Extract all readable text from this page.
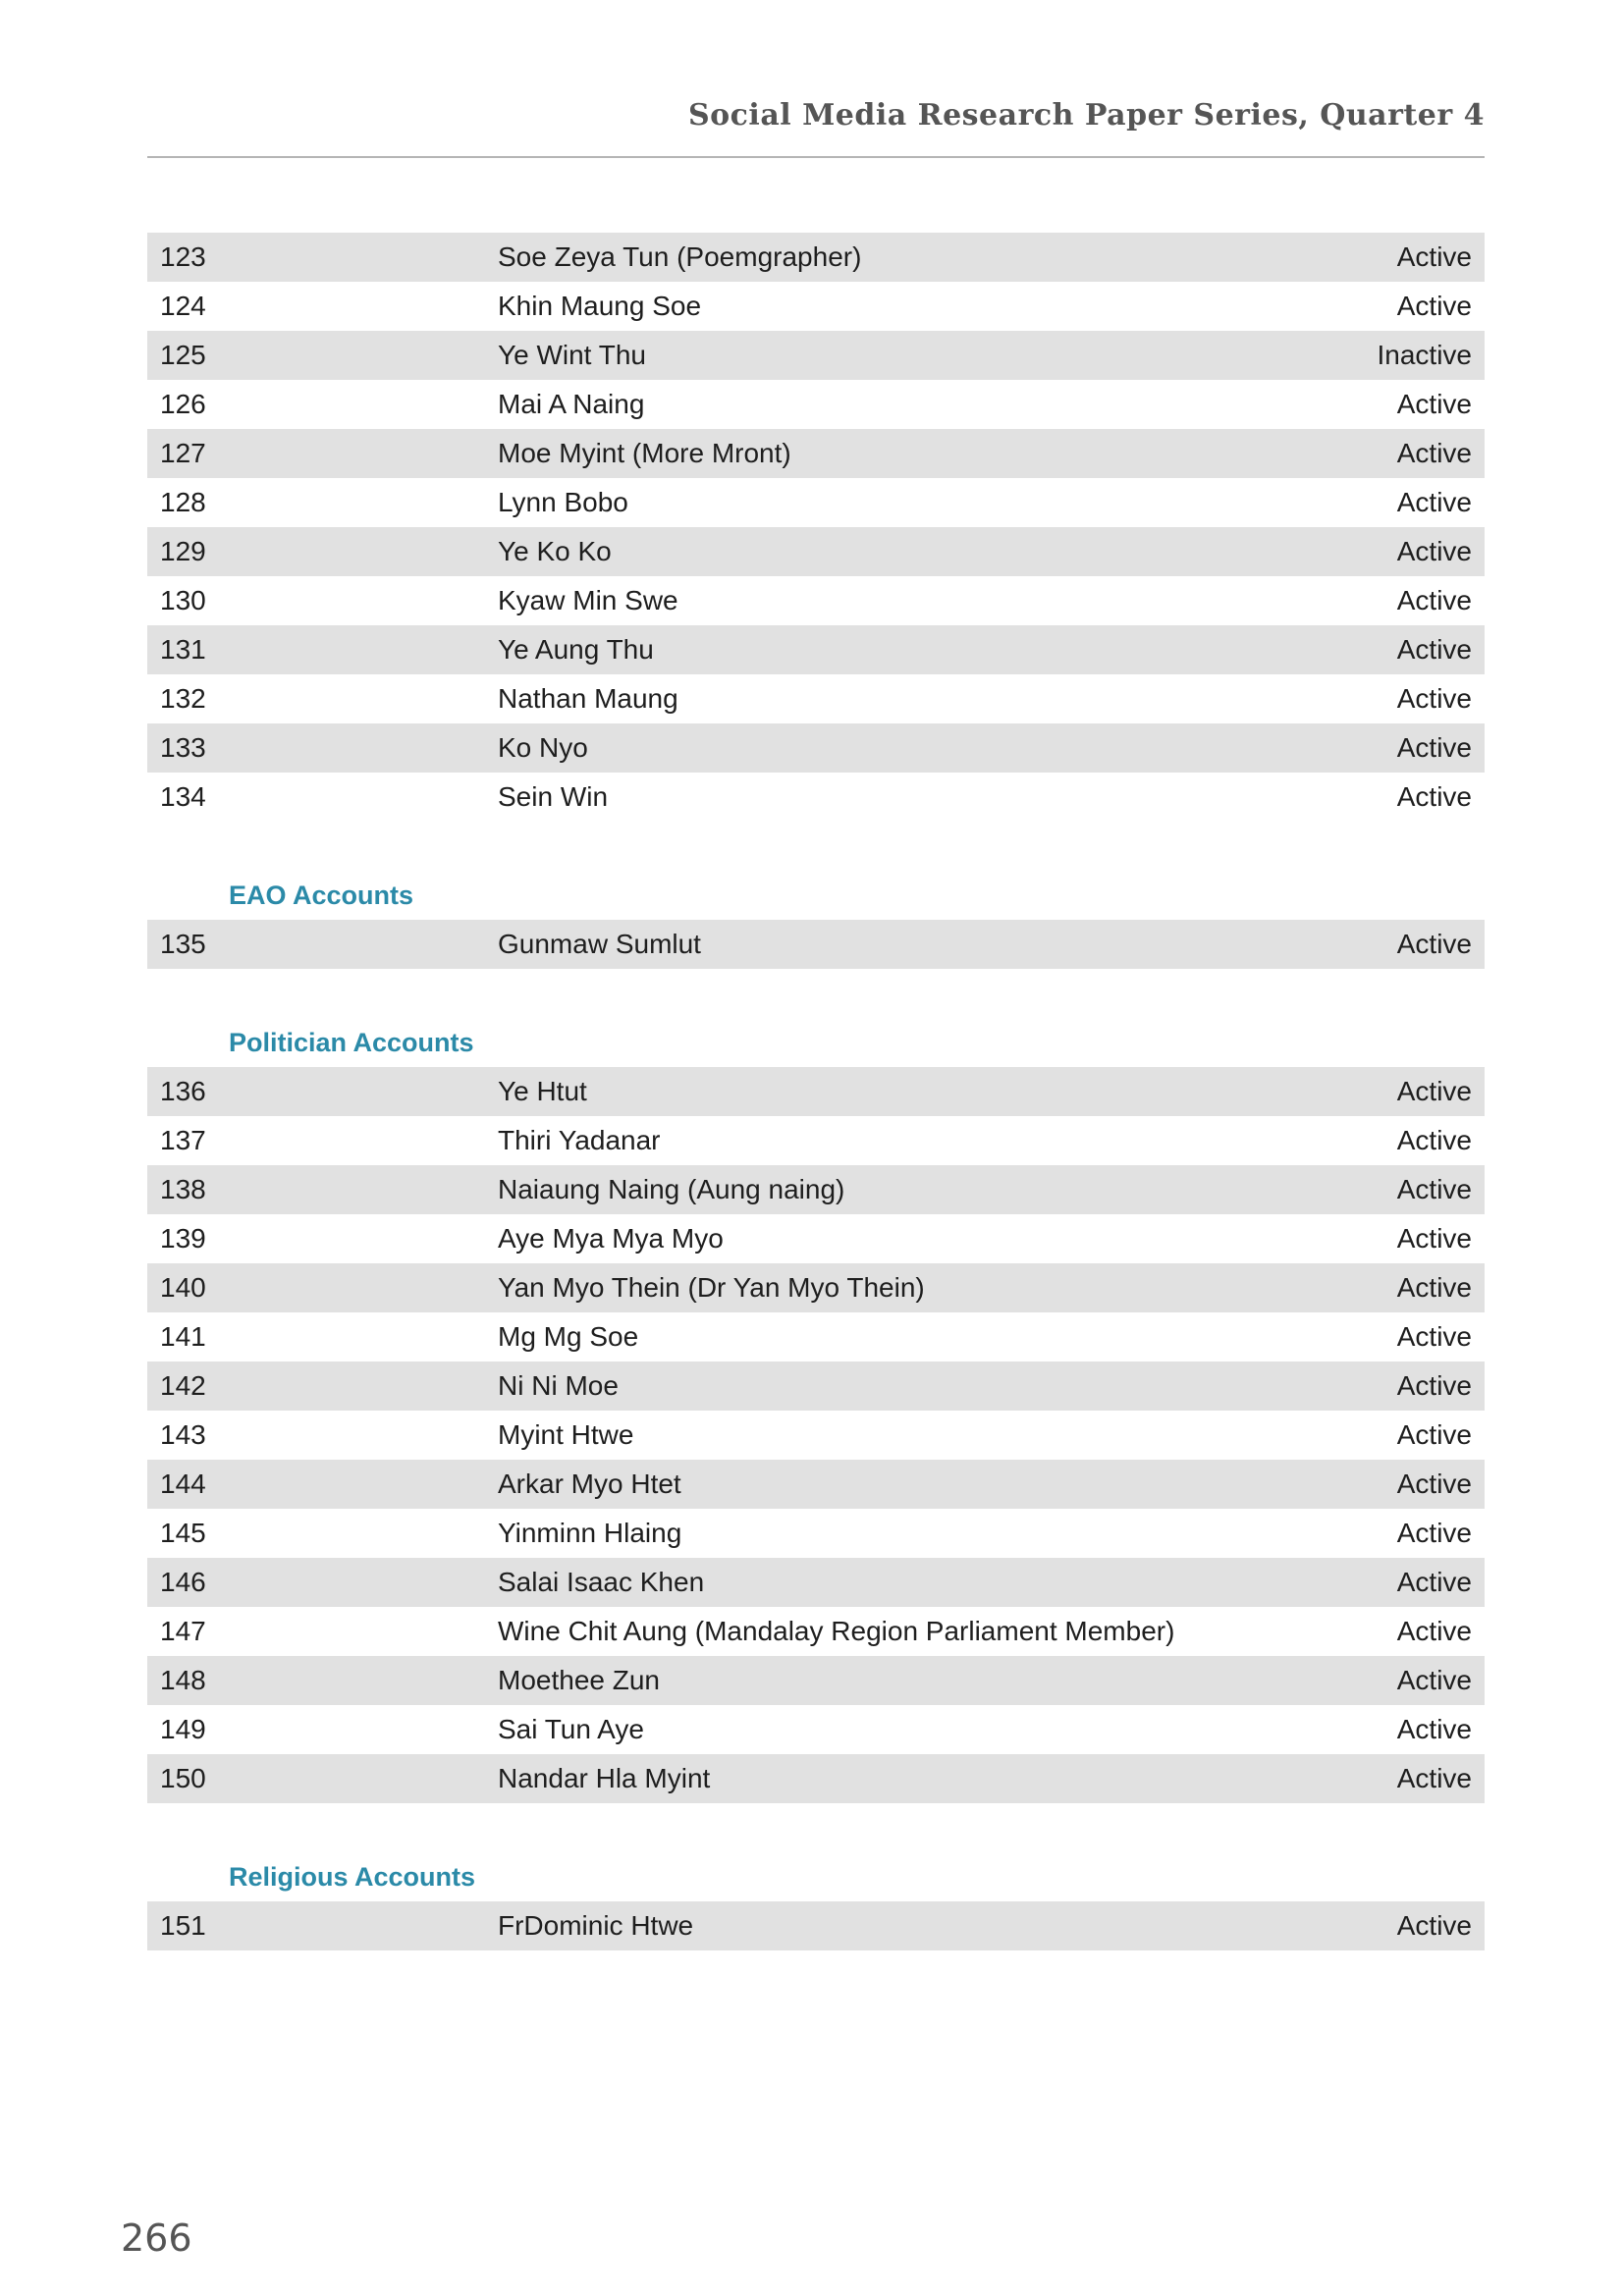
Social Media Research Paper Series, Quarter 4
123	Soe Zeya Tun (Poemgrapher)	Active
124	Khin Maung Soe	Active
125	Ye Wint Thu	Inactive
126	Mai A Naing	Active
127	Moe Myint (More Mront)	Active
128	Lynn Bobo	Active
129	Ye Ko Ko	Active
130	Kyaw Min Swe	Active
131	Ye Aung Thu	Active
132	Nathan Maung	Active
133	Ko Nyo	Active
134	Sein Win	Active
EAO Accounts
135	Gunmaw Sumlut	Active
Politician Accounts
136	Ye Htut	Active
137	Thiri Yadanar	Active
138	Naiaung Naing (Aung naing)	Active
139	Aye Mya Mya Myo	Active
140	Yan Myo Thein (Dr Yan Myo Thein)	Active
141	Mg Mg Soe	Active
142	Ni Ni Moe	Active
143	Myint Htwe	Active
144	Arkar Myo Htet	Active
145	Yinminn Hlaing	Active
146	Salai Isaac Khen	Active
147	Wine Chit Aung (Mandalay Region Parliament Member)	Active
148	Moethee Zun	Active
149	Sai Tun Aye	Active
150	Nandar Hla Myint	Active
Religious Accounts
151	FrDominic Htwe	Active
266
